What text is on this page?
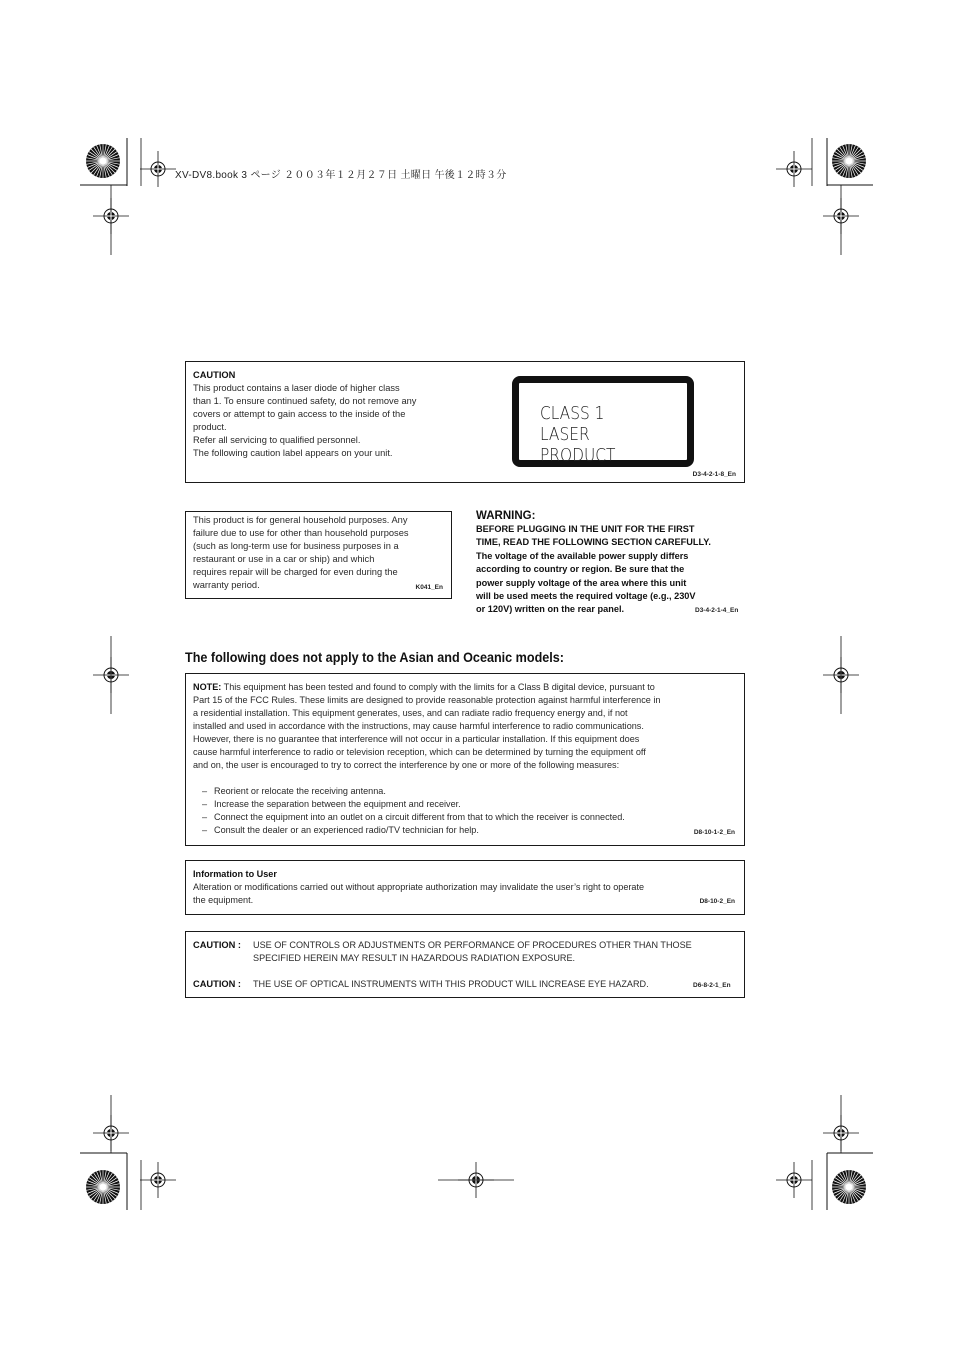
XV-DV8.book 3 ページ ２００３年１２月２７日 土曜日 午後１２時３分
CAUTION
This product contains a laser diode of higher class
than 1. To ensure continued safety, do not remove any
covers or attempt to gain access to the inside of the
product.
Refer all servicing to qualified personnel.
The following caution label appears on your unit.
D3-4-2-1-8_En
CLASS 1
LASER PRODUCT
This product is for general household purposes. Any
failure due to use for other than household purposes
(such as long-term use for business purposes in a
restaurant or use in a car or ship) and which
requires repair will be charged for even during the
warranty period.	K041_En
WARNING:
BEFORE PLUGGING IN THE UNIT FOR THE FIRST
TIME, READ THE FOLLOWING SECTION CAREFULLY.
The voltage of the available power supply differs
according to country or region. Be sure that the
power supply voltage of the area where this unit
will be used meets the required voltage (e.g., 230V
or 120V) written on the rear panel.	D3-4-2-1-4_En
The following does not apply to the Asian and Oceanic models:
NOTE: This equipment has been tested and found to comply with the limits for a Class B digital device, pursuant to
Part 15 of the FCC Rules. These limits are designed to provide reasonable protection against harmful interference in
a residential installation. This equipment generates, uses, and can radiate radio frequency energy and, if not
installed and used in accordance with the instructions, may cause harmful interference to radio communications.
However, there is no guarantee that interference will not occur in a particular installation. If this equipment does
cause harmful interference to radio or television reception, which can be determined by turning the equipment off
and on, the user is encouraged to try to correct the interference by one or more of the following measures:
– Reorient or relocate the receiving antenna.
– Increase the separation between the equipment and receiver.
– Connect the equipment into an outlet on a circuit different from that to which the receiver is connected.
– Consult the dealer or an experienced radio/TV technician for help.	D8-10-1-2_En
Information to User
Alteration or modifications carried out without appropriate authorization may invalidate the user’s right to operate
the equipment.	D8-10-2_En
CAUTION : USE OF CONTROLS OR ADJUSTMENTS OR PERFORMANCE OF PROCEDURES OTHER THAN THOSE
SPECIFIED HEREIN MAY RESULT IN HAZARDOUS RADIATION EXPOSURE.
CAUTION : THE USE OF OPTICAL INSTRUMENTS WITH THIS PRODUCT WILL INCREASE EYE HAZARD.	D6-8-2-1_En
